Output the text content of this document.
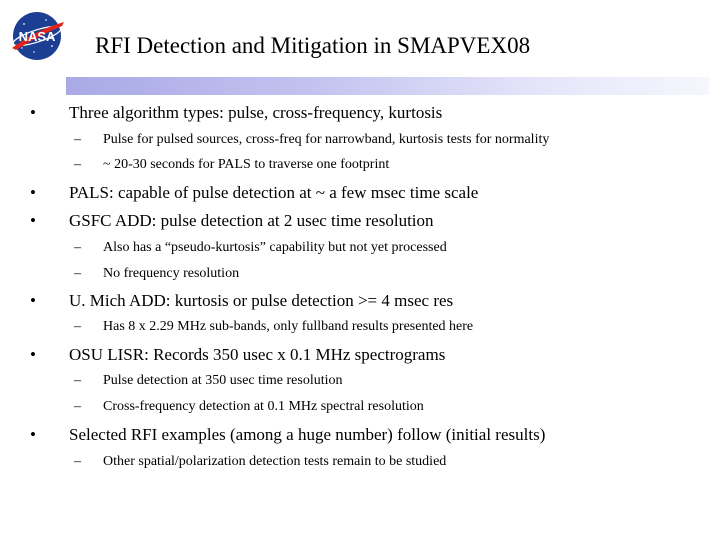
NASA RFI Detection and Mitigation in SMAPVEX08
• Three algorithm types: pulse, cross-frequency, kurtosis
– Pulse for pulsed sources, cross-freq for narrowband, kurtosis tests for normality
– ~ 20-30 seconds for PALS to traverse one footprint
• PALS: capable of pulse detection at ~ a few msec time scale
• GSFC ADD: pulse detection at 2 usec time resolution
– Also has a “pseudo-kurtosis” capability but not yet processed
– No frequency resolution
• U. Mich ADD: kurtosis or pulse detection >= 4 msec res
– Has 8 x 2.29 MHz sub-bands, only fullband results presented here
• OSU LISR: Records 350 usec x 0.1 MHz spectrograms
– Pulse detection at 350 usec time resolution
– Cross-frequency detection at 0.1 MHz spectral resolution
• Selected RFI examples (among a huge number) follow (initial results)
– Other spatial/polarization detection tests remain to be studied
